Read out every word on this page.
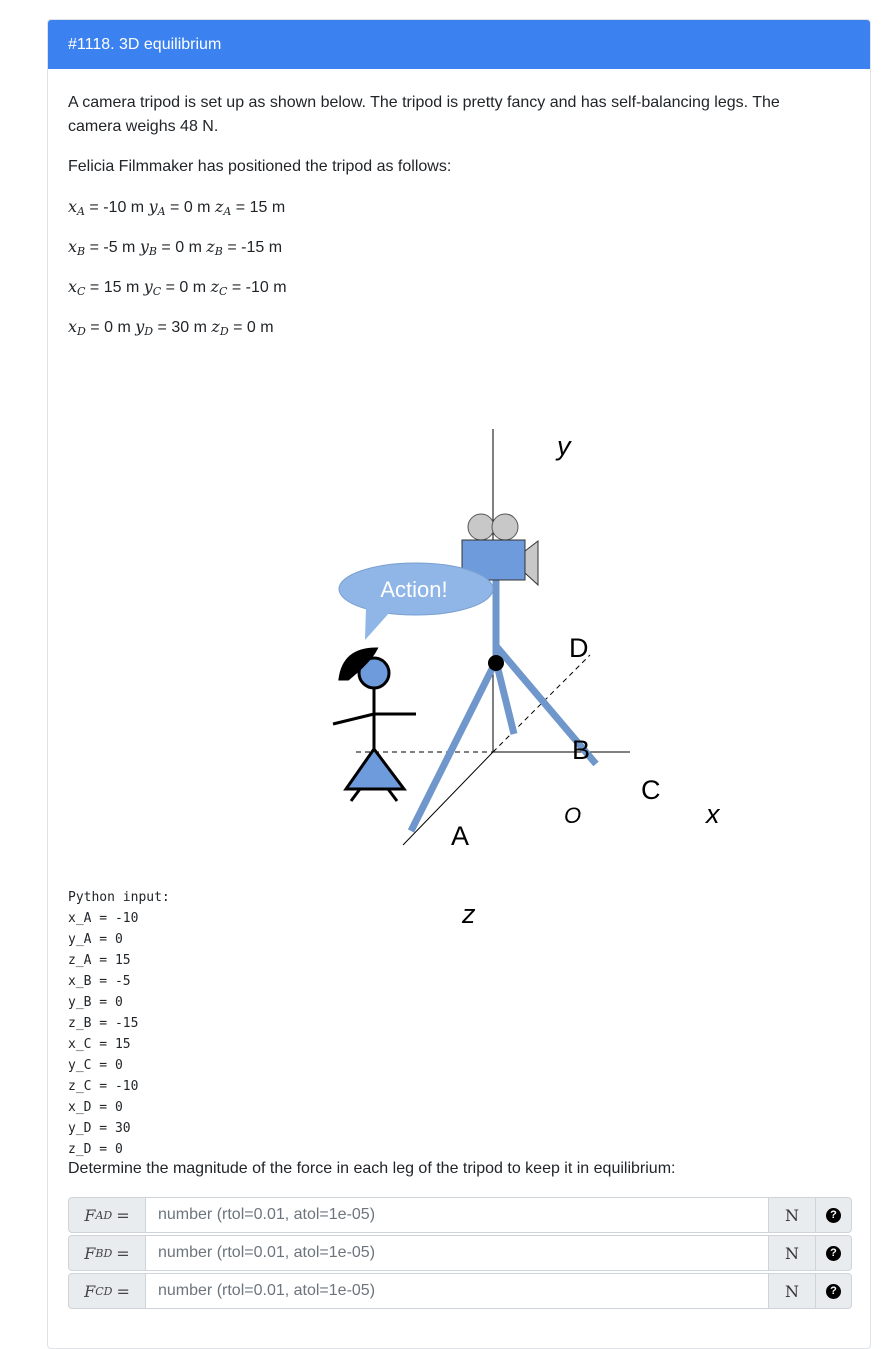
#1118. 3D equilibrium

A camera tripod is set up as shown below. The tripod is pretty fancy and has self-balancing legs. The camera weighs 48 N.

Felicia Filmmaker has positioned the tripod as follows:

xA = -10 m yA = 0 m zA = 15 m
xB = -5 m yB = 0 m zB = -15 m
xC = 15 m yC = 0 m zC = -10 m
xD = 0 m yD = 30 m zD = 0 m
Action!
y
x
z
O
A
B
C
D
Python input:
x_A = -10
y_A = 0
z_A = 15
x_B = -5
y_B = 0
z_B = -15
x_C = 15
y_C = 0
z_C = -10
x_D = 0
y_D = 30
z_D = 0

Determine the magnitude of the force in each leg of the tripod to keep it in equilibrium:

F AD =
number (rtol=0.01, atol=1e-05)	N	?
F BD =
number (rtol=0.01, atol=1e-05)	N	?
F CD =
number (rtol=0.01, atol=1e-05)	N	?
